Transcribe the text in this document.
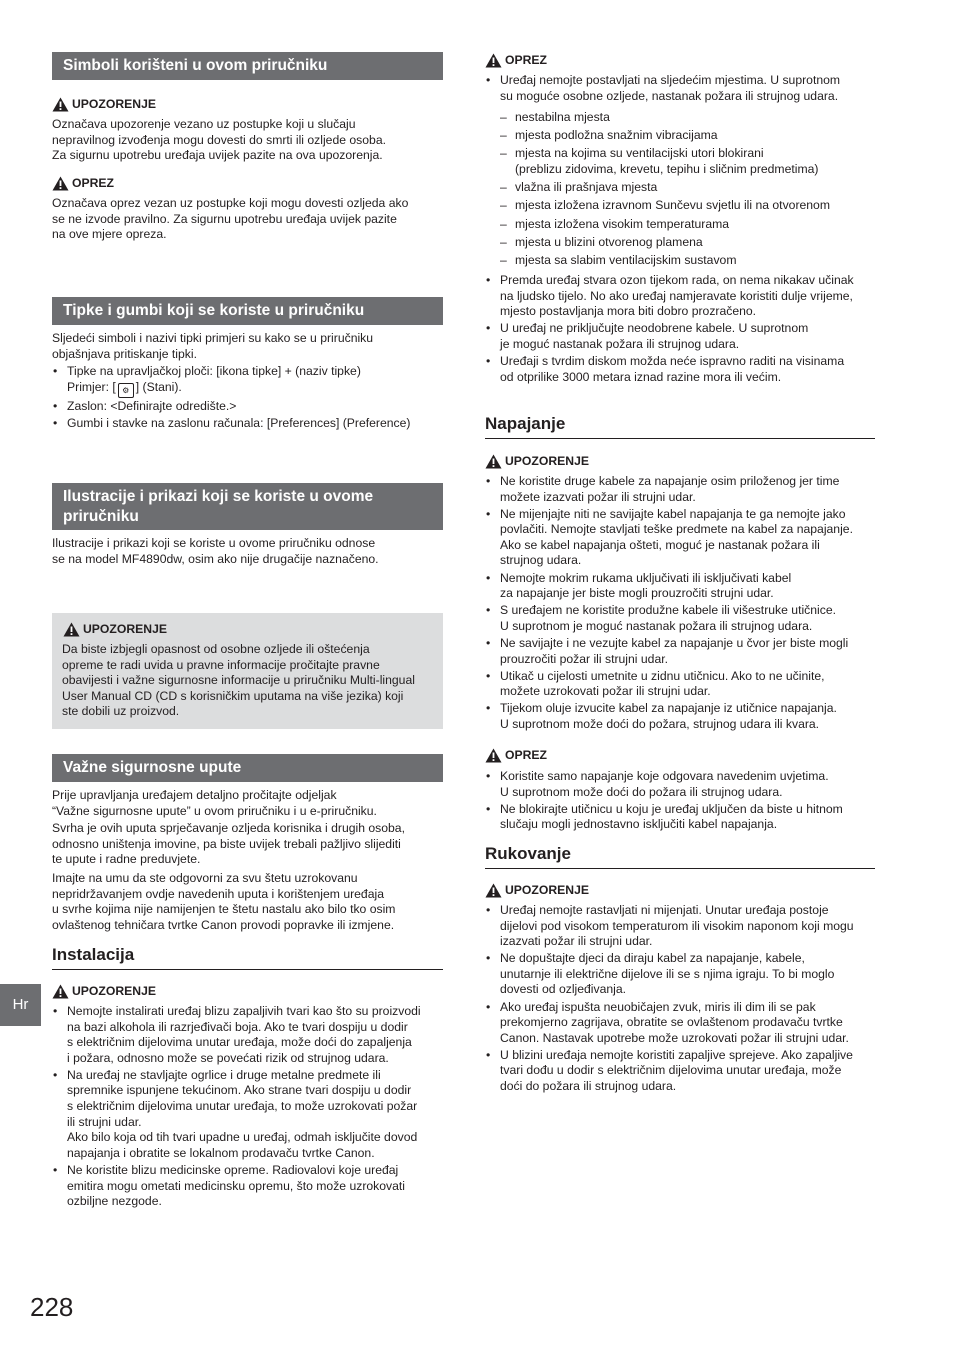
Simboli korišteni u ovom priručniku
UPOZORENJE

Označava upozorenje vezano uz postupke koji u slučaju
nepravilnog izvođenja mogu dovesti do smrti ili ozljede osoba.
Za sigurnu upotrebu uređaja uvijek pazite na ova upozorenja.

OPREZ

Označava oprez vezan uz postupke koji mogu dovesti ozljeda ako
se ne izvode pravilno. Za sigurnu upotrebu uređaja uvijek pazite
na ove mjere opreza.

Tipke i gumbi koji se koriste u priručniku

Sljedeći simboli i nazivi tipki primjeri su kako se u priručniku
objašnjava pritiskanje tipki.

• Tipke na upravljačkoj ploči: [ikona tipke] + (naziv tipke)
Primjer: [ ⚙ ] (Stani).
• Zaslon: <Definirajte odredište.>
• Gumbi i stavke na zaslonu računala: [Preferences] (Preference)
Ilustracije i prikazi koji se koriste u ovome
priručniku

Ilustracije i prikazi koji se koriste u ovome priručniku odnose
se na model MF4890dw, osim ako nije drugačije naznačeno.

UPOZORENJE

Da biste izbjegli opasnost od osobne ozljede ili oštećenja
opreme te radi uvida u pravne informacije pročitajte pravne
obavijesti i važne sigurnosne informacije u priručniku Multi-lingual
User Manual CD (CD s korisničkim uputama na više jezika) koji
ste dobili uz proizvod.

Važne sigurnosne upute

Prije upravljanja uređajem detaljno pročitajte odjeljak
“Važne sigurnosne upute” u ovom priručniku i u e-priručniku.

Svrha je ovih uputa sprječavanje ozljeda korisnika i drugih osoba,
odnosno uništenja imovine, pa biste uvijek trebali pažljivo slijediti
te upute i radne preduvjete.

Imajte na umu da ste odgovorni za svu štetu uzrokovanu
nepridržavanjem ovdje navedenih uputa i korištenjem uređaja
u svrhe kojima nije namijenjen te štetu nastalu ako bilo tko osim
ovlaštenog tehničara tvrtke Canon provodi popravke ili izmjene.

Instalacija
UPOZORENJE
• Nemojte instalirati uređaj blizu zapaljivih tvari kao što su proizvodi
na bazi alkohola ili razrjeđivači boja. Ako te tvari dospiju u dodir
s električnim dijelovima unutar uređaja, može doći do zapaljenja
i požara, odnosno može se povećati rizik od strujnog udara.
• Na uređaj ne stavljajte ogrlice i druge metalne predmete ili
spremnike ispunjene tekućinom. Ako strane tvari dospiju u dodir
s električnim dijelovima unutar uređaja, to može uzrokovati požar
ili strujni udar.
Ako bilo koja od tih tvari upadne u uređaj, odmah isključite dovod
napajanja i obratite se lokalnom prodavaču tvrtke Canon.
• Ne koristite blizu medicinske opreme. Radiovalovi koje uređaj
emitira mogu ometati medicinsku opremu, što može uzrokovati
ozbiljne nezgode.
OPREZ
• Uređaj nemojte postavljati na sljedećim mjestima. U suprotnom
su moguće osobne ozljede, nastanak požara ili strujnog udara.
– nestabilna mjesta
– mjesta podložna snažnim vibracijama
– mjesta na kojima su ventilacijski utori blokirani
(preblizu zidovima, krevetu, tepihu i sličnim predmetima)
– vlažna ili prašnjava mjesta
– mjesta izložena izravnom Sunčevu svjetlu ili na otvorenom
– mjesta izložena visokim temperaturama
– mjesta u blizini otvorenog plamena
– mjesta sa slabim ventilacijskim sustavom
• Premda uređaj stvara ozon tijekom rada, on nema nikakav učinak
na ljudsko tijelo. No ako uređaj namjeravate koristiti dulje vrijeme,
mjesto postavljanja mora biti dobro prozračeno.
• U uređaj ne priključujte neodobrene kabele. U suprotnom
je moguć nastanak požara ili strujnog udara.
• Uređaji s tvrdim diskom možda neće ispravno raditi na visinama
od otprilike 3000 metara iznad razine mora ili većim.
Napajanje
UPOZORENJE
• Ne koristite druge kabele za napajanje osim priloženog jer time
možete izazvati požar ili strujni udar.
• Ne mijenjajte niti ne savijajte kabel napajanja te ga nemojte jako
povlačiti. Nemojte stavljati teške predmete na kabel za napajanje.
Ako se kabel napajanja ošteti, moguć je nastanak požara ili
strujnog udara.
• Nemojte mokrim rukama uključivati ili isključivati kabel
za napajanje jer biste mogli prouzročiti strujni udar.
• S uređajem ne koristite produžne kabele ili višestruke utičnice.
U suprotnom je moguć nastanak požara ili strujnog udara.
• Ne savijajte i ne vezujte kabel za napajanje u čvor jer biste mogli
prouzročiti požar ili strujni udar.
• Utikač u cijelosti umetnite u zidnu utičnicu. Ako to ne učinite,
možete uzrokovati požar ili strujni udar.
• Tijekom oluje izvucite kabel za napajanje iz utičnice napajanja.
U suprotnom može doći do požara, strujnog udara ili kvara.
OPREZ
• Koristite samo napajanje koje odgovara navedenim uvjetima.
U suprotnom može doći do požara ili strujnog udara.
• Ne blokirajte utičnicu u koju je uređaj uključen da biste u hitnom
slučaju mogli jednostavno isključiti kabel napajanja.
Rukovanje
UPOZORENJE
• Uređaj nemojte rastavljati ni mijenjati. Unutar uređaja postoje
dijelovi pod visokom temperaturom ili visokim naponom koji mogu
izazvati požar ili strujni udar.
• Ne dopuštajte djeci da diraju kabel za napajanje, kabele,
unutarnje ili električne dijelove ili se s njima igraju. To bi moglo
dovesti od ozljeđivanja.
• Ako uređaj ispušta neuobičajen zvuk, miris ili dim ili se pak
prekomjerno zagrijava, obratite se ovlaštenom prodavaču tvrtke
Canon. Nastavak upotrebe može uzrokovati požar ili strujni udar.
• U blizini uređaja nemojte koristiti zapaljive sprejeve. Ako zapaljive
tvari dođu u dodir s električnim dijelovima unutar uređaja, može
doći do požara ili strujnog udara.
Hr
228
